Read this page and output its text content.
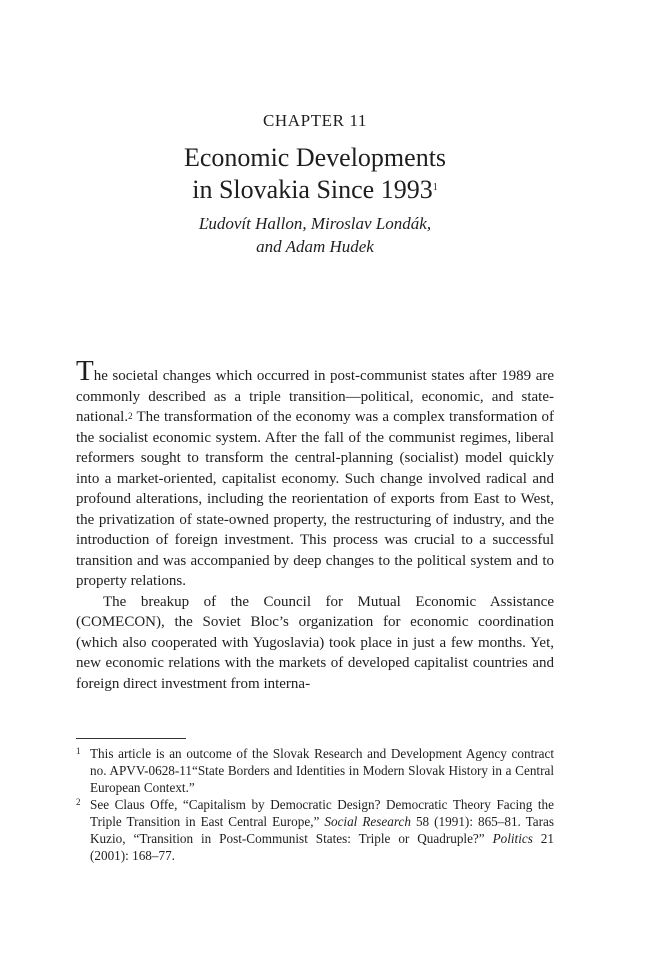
CHAPTER 11
Economic Developments
in Slovakia Since 1993$^1$
Ľudovít Hallon, Miroslav Londák,
and Adam Hudek

The societal changes which occurred in post-communist states after 1989 are commonly described as a triple transition—political, economic, and state-national.$^2$ The transformation of the economy was a complex transformation of the socialist economic system. After the fall of the communist regimes, liberal reformers sought to transform the central-planning (socialist) model quickly into a market-oriented, capitalist economy. Such change involved radical and profound alterations, including the reorientation of exports from East to West, the privatization of state-owned property, the restructuring of industry, and the introduction of foreign investment. This process was crucial to a successful transition and was accompanied by deep changes to the political system and to property relations.

The breakup of the Council for Mutual Economic Assistance (COMECON), the Soviet Bloc’s organization for economic coordination (which also cooperated with Yugoslavia) took place in just a few months. Yet, new economic relations with the markets of developed capitalist countries and foreign direct investment from interna-

1 This article is an outcome of the Slovak Research and Development Agency contract no. APVV-0628-11“State Borders and Identities in Modern Slovak History in a Central European Context.”
2 See Claus Offe, “Capitalism by Democratic Design? Democratic Theory Facing the Triple Transition in East Central Europe,” Social Research 58 (1991): 865–81. Taras Kuzio, “Transition in Post-Communist States: Triple or Quadruple?” Politics 21 (2001): 168–77.
